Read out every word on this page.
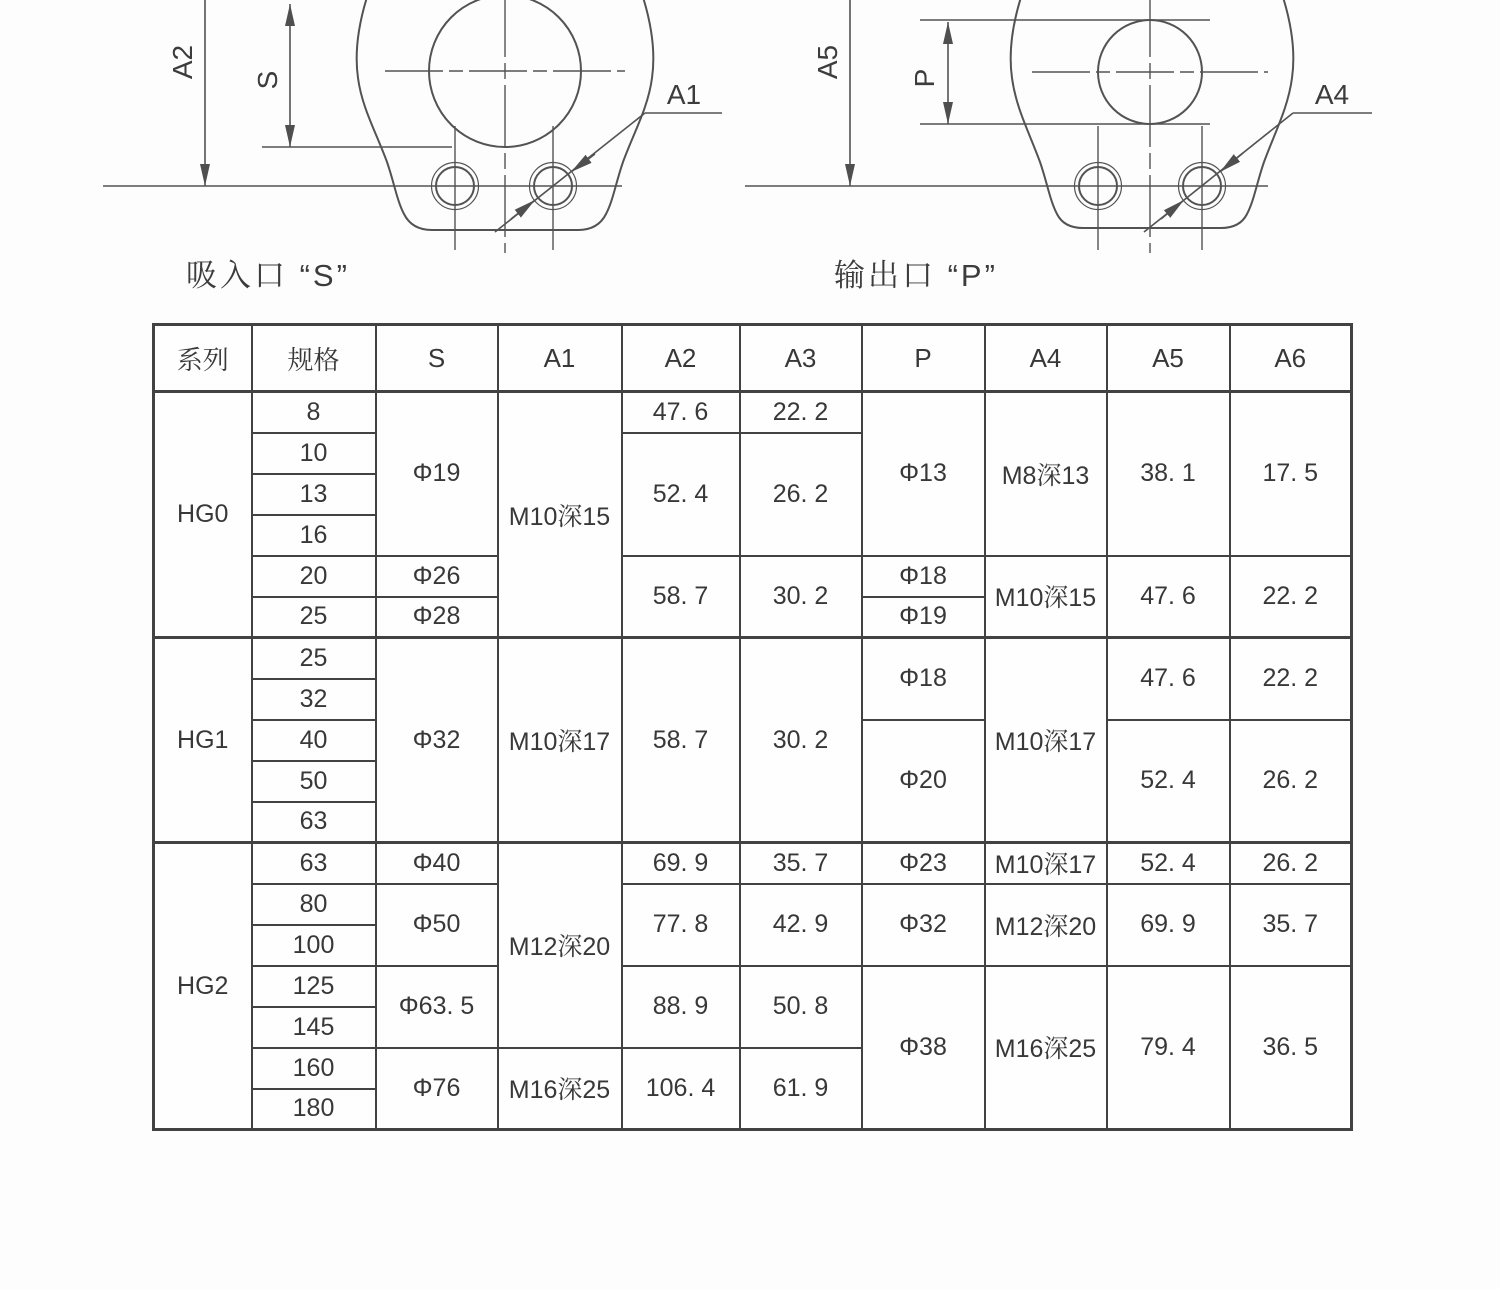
A2
S	A1
A5 P
A4
吸入口 “S”	输出口 “P”
系列	规格	S	A1	A2	A3	P	A4	A5	A6
HG0	8	Φ19	M10深15	47. 6	22. 2	Φ13	M8深13	38. 1	17. 5
	10			52. 4	26. 2				
	13								
	16								
	20	Φ26		58. 7	30. 2	Φ18	M10深15	47. 6	22. 2
	25	Φ28				Φ19			
HG1	25	Φ32	M10深17	58. 7	30. 2	Φ18	M10深17	47. 6	22. 2
	32								
	40					Φ20		52. 4	26. 2
	50								
	63								
HG2	63	Φ40	M12深20	69. 9	35. 7	Φ23	M10深17	52. 4	26. 2
	80	Φ50		77. 8	42. 9	Φ32	M12深20	69. 9	35. 7
	100								
	125	Φ63. 5		88. 9	50. 8	Φ38	M16深25	79. 4	36. 5
	145								
	160	Φ76	M16深25	106. 4	61. 9				
	180								
